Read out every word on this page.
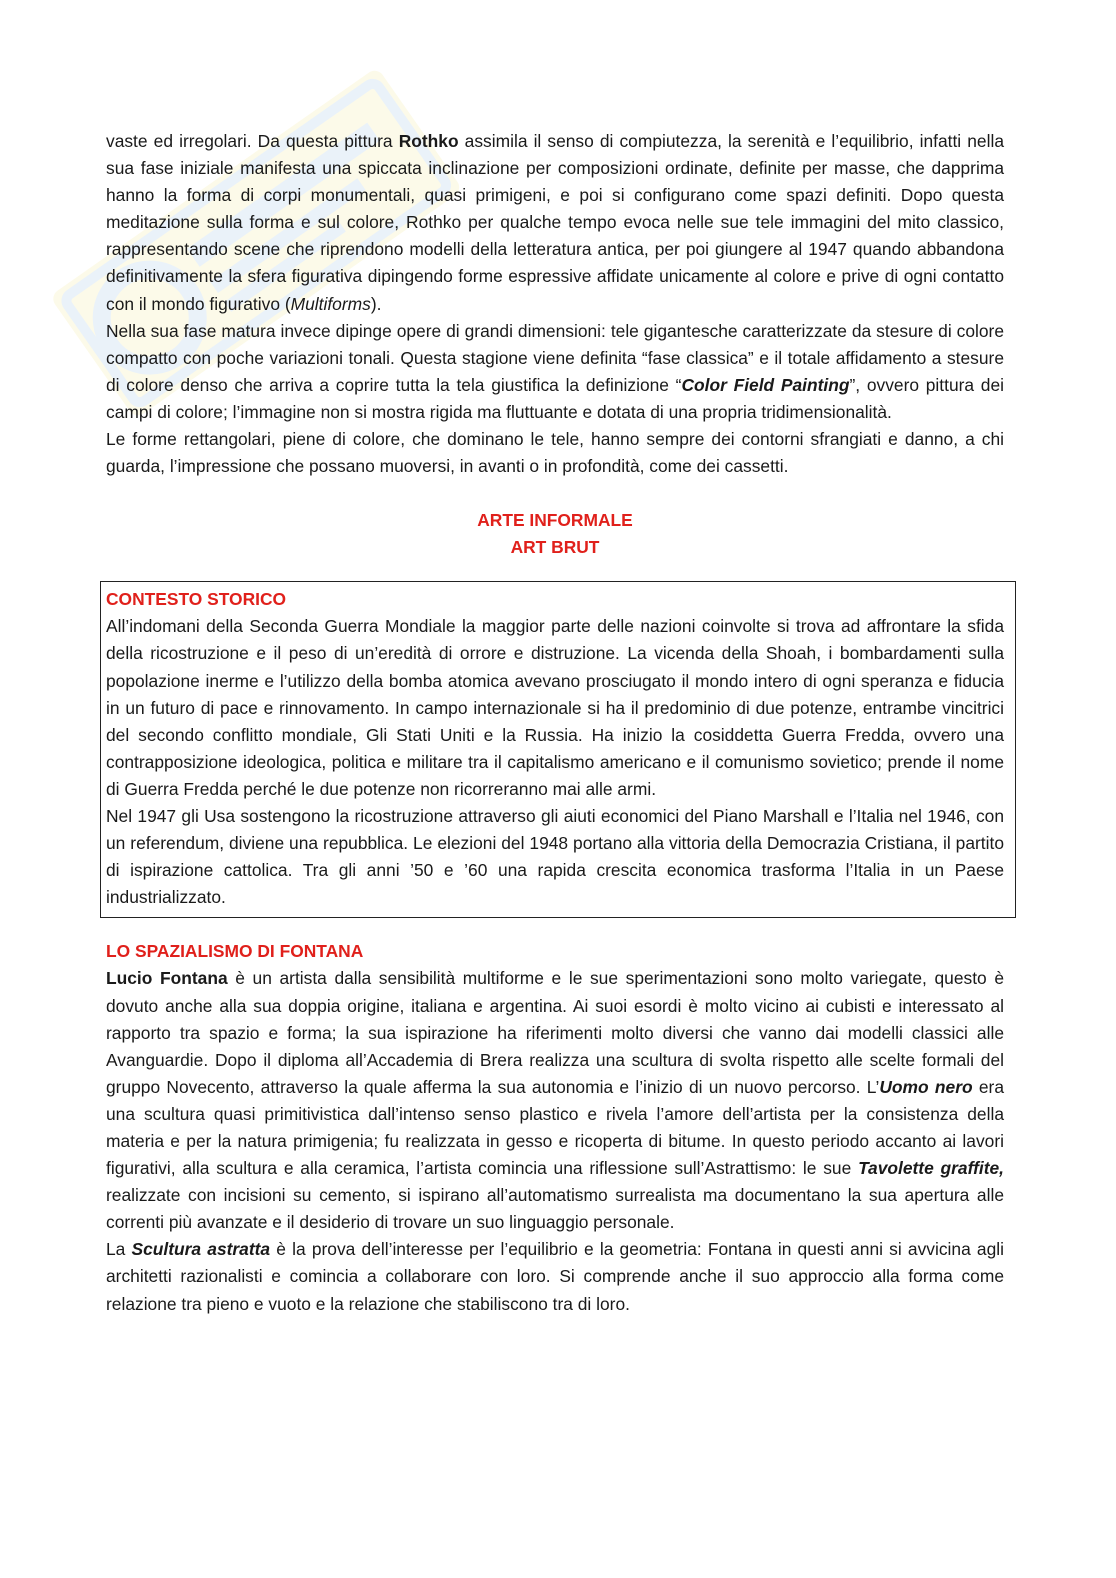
vaste ed irregolari. Da questa pittura Rothko assimila il senso di compiutezza, la serenità e l’equilibrio, infatti nella sua fase iniziale manifesta una spiccata inclinazione per composizioni ordinate, definite per masse, che dapprima hanno la forma di corpi monumentali, quasi primigeni, e poi si configurano come spazi definiti. Dopo questa meditazione sulla forma e sul colore, Rothko per qualche tempo evoca nelle sue tele immagini del mito classico, rappresentando scene che riprendono modelli della letteratura antica, per poi giungere al 1947 quando abbandona definitivamente la sfera figurativa dipingendo forme espressive affidate unicamente al colore e prive di ogni contatto con il mondo figurativo (Multiforms).

Nella sua fase matura invece dipinge opere di grandi dimensioni: tele gigantesche caratterizzate da stesure di colore compatto con poche variazioni tonali. Questa stagione viene definita “fase classica” e il totale affidamento a stesure di colore denso che arriva a coprire tutta la tela giustifica la definizione “Color Field Painting”, ovvero pittura dei campi di colore; l’immagine non si mostra rigida ma fluttuante e dotata di una propria tridimensionalità.

Le forme rettangolari, piene di colore, che dominano le tele, hanno sempre dei contorni sfrangiati e danno, a chi guarda, l’impressione che possano muoversi, in avanti o in profondità, come dei cassetti.

ARTE INFORMALE
ART BRUT
CONTESTO STORICO

All’indomani della Seconda Guerra Mondiale la maggior parte delle nazioni coinvolte si trova ad affrontare la sfida della ricostruzione e il peso di un’eredità di orrore e distruzione. La vicenda della Shoah, i bombardamenti sulla popolazione inerme e l’utilizzo della bomba atomica avevano prosciugato il mondo intero di ogni speranza e fiducia in un futuro di pace e rinnovamento. In campo internazionale si ha il predominio di due potenze, entrambe vincitrici del secondo conflitto mondiale, Gli Stati Uniti e la Russia. Ha inizio la cosiddetta Guerra Fredda, ovvero una contrapposizione ideologica, politica e militare tra il capitalismo americano e il comunismo sovietico; prende il nome di Guerra Fredda perché le due potenze non ricorreranno mai alle armi.

Nel 1947 gli Usa sostengono la ricostruzione attraverso gli aiuti economici del Piano Marshall e l’Italia nel 1946, con un referendum, diviene una repubblica. Le elezioni del 1948 portano alla vittoria della Democrazia Cristiana, il partito di ispirazione cattolica. Tra gli anni ’50 e ’60 una rapida crescita economica trasforma l’Italia in un Paese industrializzato.

LO SPAZIALISMO DI FONTANA

Lucio Fontana è un artista dalla sensibilità multiforme e le sue sperimentazioni sono molto variegate, questo è dovuto anche alla sua doppia origine, italiana e argentina. Ai suoi esordi è molto vicino ai cubisti e interessato al rapporto tra spazio e forma; la sua ispirazione ha riferimenti molto diversi che vanno dai modelli classici alle Avanguardie. Dopo il diploma all’Accademia di Brera realizza una scultura di svolta rispetto alle scelte formali del gruppo Novecento, attraverso la quale afferma la sua autonomia e l’inizio di un nuovo percorso. L’Uomo nero era una scultura quasi primitivistica dall’intenso senso plastico e rivela l’amore dell’artista per la consistenza della materia e per la natura primigenia; fu realizzata in gesso e ricoperta di bitume. In questo periodo accanto ai lavori figurativi, alla scultura e alla ceramica, l’artista comincia una riflessione sull’Astrattismo: le sue Tavolette graffite, realizzate con incisioni su cemento, si ispirano all’automatismo surrealista ma documentano la sua apertura alle correnti più avanzate e il desiderio di trovare un suo linguaggio personale.

La Scultura astratta è la prova dell’interesse per l’equilibrio e la geometria: Fontana in questi anni si avvicina agli architetti razionalisti e comincia a collaborare con loro. Si comprende anche il suo approccio alla forma come relazione tra pieno e vuoto e la relazione che stabiliscono tra di loro.
